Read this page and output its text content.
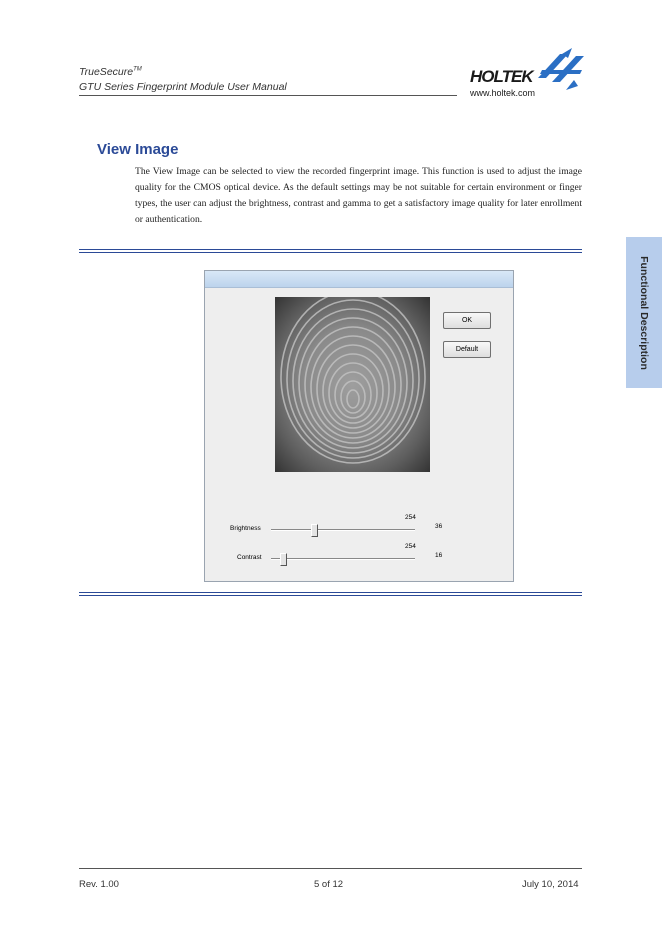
TrueSecure™
GTU Series Fingerprint Module User Manual
HOLTEK
www.holtek.com
View Image
The View Image can be selected to view the recorded fingerprint image. This function is used to adjust the image quality for the CMOS optical device. As the default settings may be not suitable for certain environment or finger types, the user can adjust the brightness, contrast and gamma to get a satisfactory image quality for later enrollment or authentication.
Functional Description
OK
Default
254
Brightness	36
254
Contrast	16
Rev. 1.00	5 of 12	July 10, 2014
